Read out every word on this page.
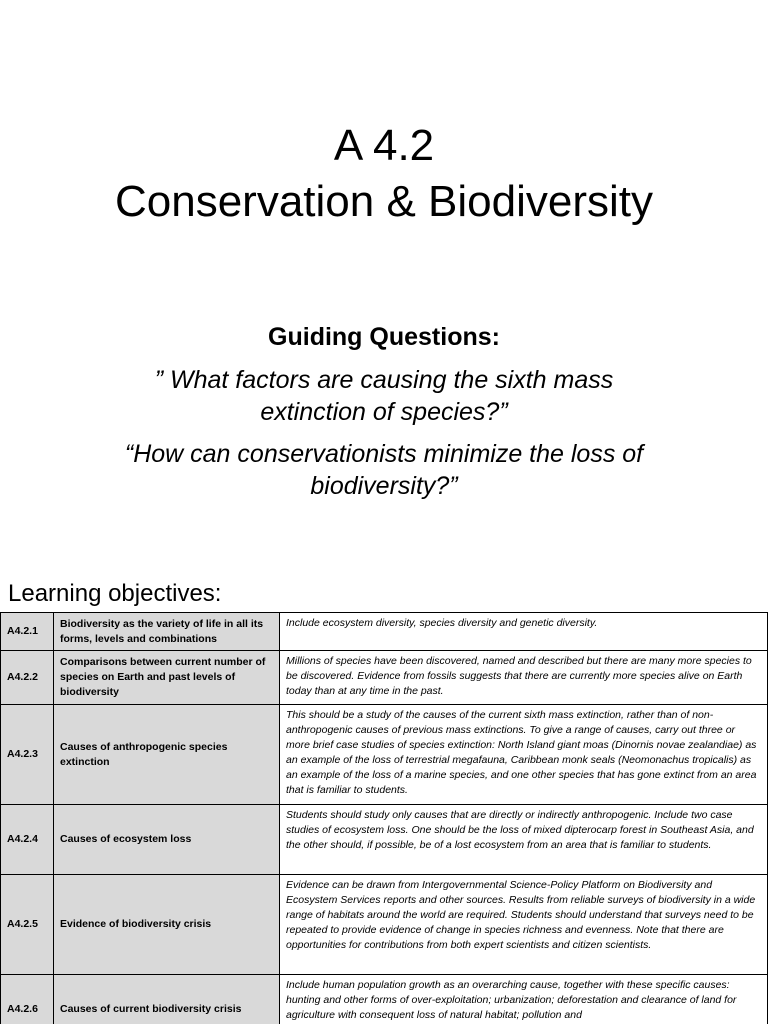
A 4.2
Conservation & Biodiversity
Guiding Questions:
” What factors are causing the sixth mass extinction of species?”
“How can conservationists minimize the loss of biodiversity?”
Learning objectives:
A4.2.1	Biodiversity as the variety of life in all its forms, levels and combinations	Include ecosystem diversity, species diversity and genetic diversity.
A4.2.2	Comparisons between current number of species on Earth and past levels of biodiversity	Millions of species have been discovered, named and described but there are many more species to be discovered. Evidence from fossils suggests that there are currently more species alive on Earth today than at any time in the past.
A4.2.3	Causes of anthropogenic species extinction	This should be a study of the causes of the current sixth mass extinction, rather than of non-anthropogenic causes of previous mass extinctions. To give a range of causes, carry out three or more brief case studies of species extinction: North Island giant moas (Dinornis novae zealandiae) as an example of the loss of terrestrial megafauna, Caribbean monk seals (Neomonachus tropicalis) as an example of the loss of a marine species, and one other species that has gone extinct from an area that is familiar to students.
A4.2.4	Causes of ecosystem loss	Students should study only causes that are directly or indirectly anthropogenic. Include two case studies of ecosystem loss. One should be the loss of mixed dipterocarp forest in Southeast Asia, and the other should, if possible, be of a lost ecosystem from an area that is familiar to students.
A4.2.5	Evidence of biodiversity crisis	Evidence can be drawn from Intergovernmental Science-Policy Platform on Biodiversity and Ecosystem Services reports and other sources. Results from reliable surveys of biodiversity in a wide range of habitats around the world are required. Students should understand that surveys need to be repeated to provide evidence of change in species richness and evenness. Note that there are opportunities for contributions from both expert scientists and citizen scientists.
A4.2.6	Causes of current biodiversity crisis	Include human population growth as an overarching cause, together with these specific causes: hunting and other forms of over-exploitation; urbanization; deforestation and clearance of land for agriculture with consequent loss of natural habitat; pollution and
